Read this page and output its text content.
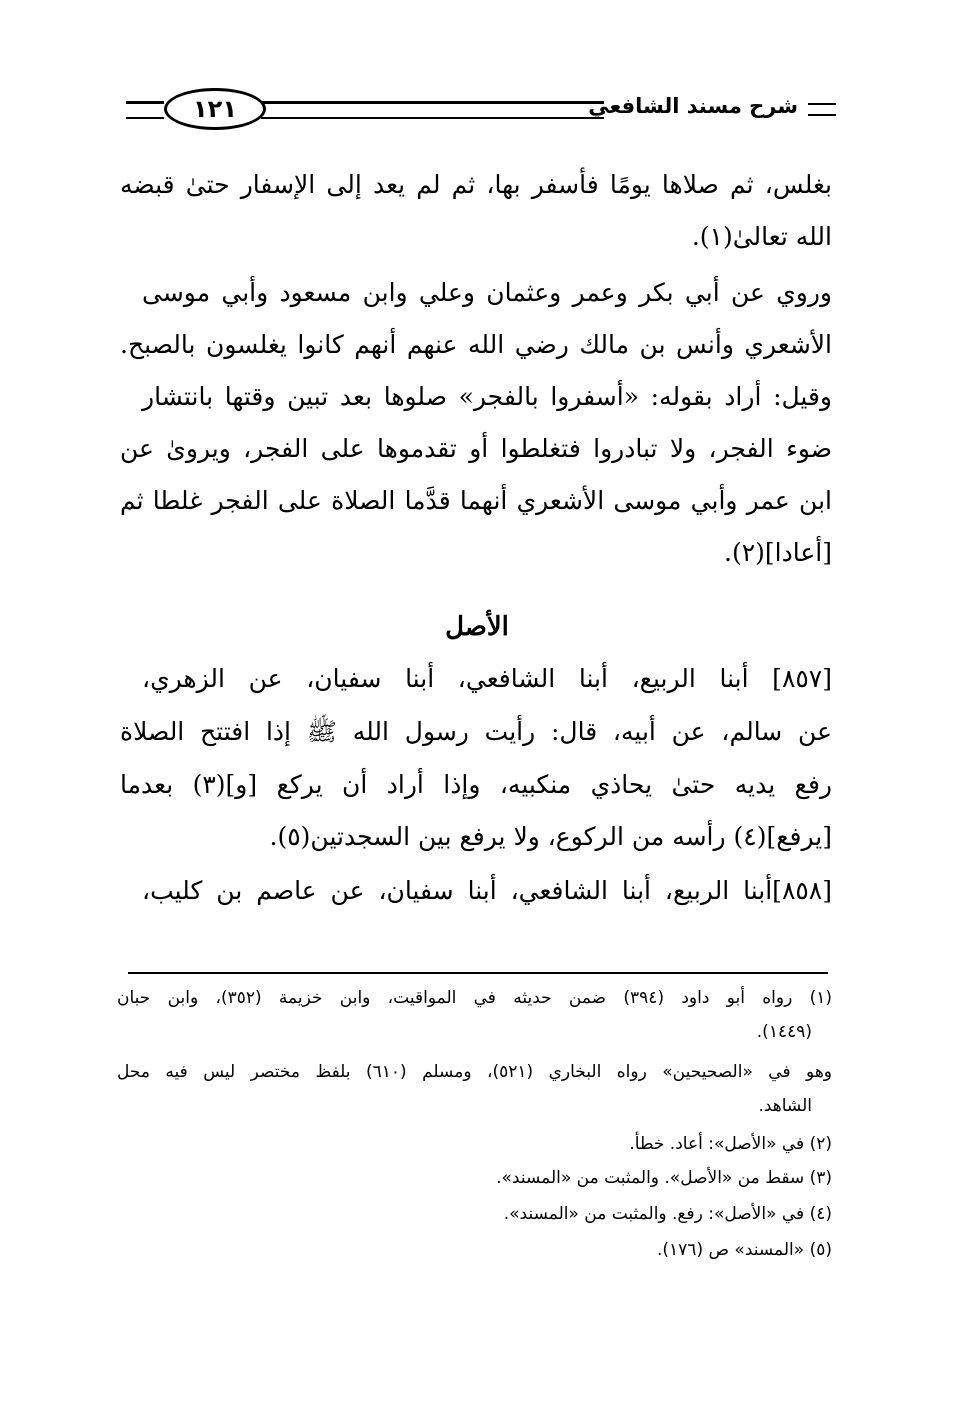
شرح مسند الشافعي
١٢١
بغلس، ثم صلاها يومًا فأسفر بها، ثم لم يعد إلى الإسفار حتىٰ قبضه
الله تعالىٰ(١).
وروي عن أبي بكر وعمر وعثمان وعلي وابن مسعود وأبي موسى
الأشعري وأنس بن مالك رضي الله عنهم أنهم كانوا يغلسون بالصبح.
وقيل: أراد بقوله: «أسفروا بالفجر» صلوها بعد تبين وقتها بانتشار
ضوء الفجر، ولا تبادروا فتغلطوا أو تقدموها على الفجر، ويروىٰ عن
ابن عمر وأبي موسى الأشعري أنهما قدَّما الصلاة على الفجر غلطا ثم
[أعادا](٢).
الأصل
[٨٥٧] أبنا الربيع، أبنا الشافعي، أبنا سفيان، عن الزهري،
عن سالم، عن أبيه، قال: رأيت رسول الله ﷺ إذا افتتح الصلاة
رفع يديه حتىٰ يحاذي منكبيه، وإذا أراد أن يركع [و](٣) بعدما
[يرفع](٤) رأسه من الركوع، ولا يرفع بين السجدتين(٥).
[٨٥٨]أبنا الربيع، أبنا الشافعي، أبنا سفيان، عن عاصم بن كليب،
(١) رواه أبو داود (٣٩٤) ضمن حديثه في المواقيت، وابن خزيمة (٣٥٢)، وابن حبان
(١٤٤٩).
وهو في «الصحيحين» رواه البخاري (٥٢١)، ومسلم (٦١٠) بلفظ مختصر ليس فيه محل
الشاهد.
(٢) في «الأصل»: أعاد. خطأ.
(٣) سقط من «الأصل». والمثبت من «المسند».
(٤) في «الأصل»: رفع. والمثبت من «المسند».
(٥) «المسند» ص (١٧٦).
